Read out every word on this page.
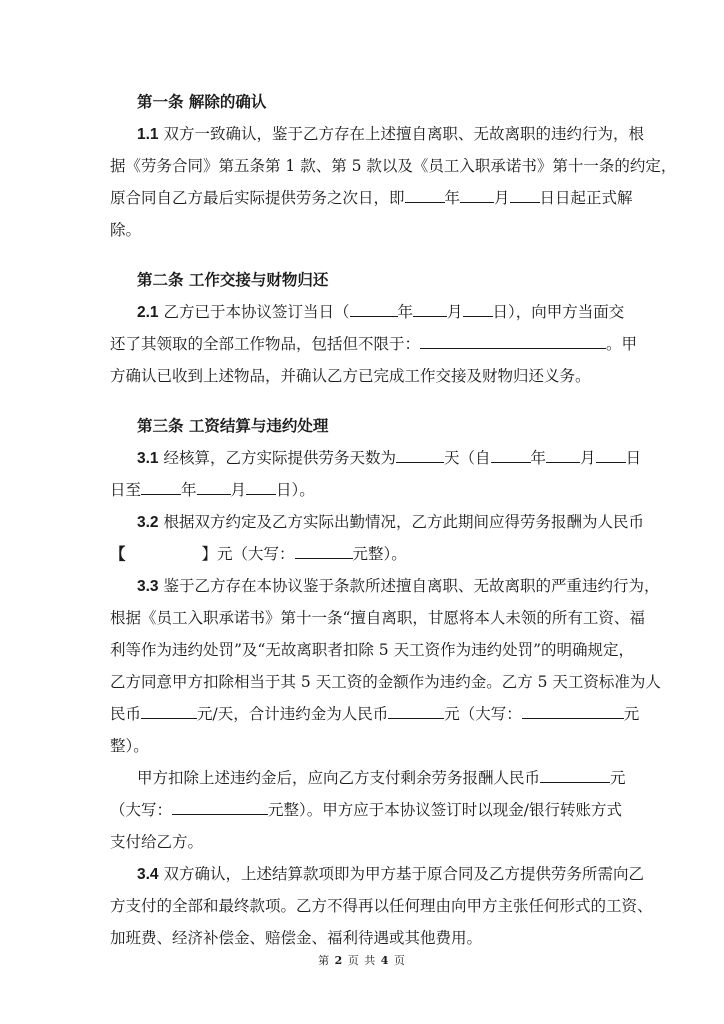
第一条 解除的确认
1.1 双方一致确认，鉴于乙方存在上述擅自离职、无故离职的违约行为，根
据《劳务合同》第五条第 1 款、第 5 款以及《员工入职承诺书》第十一条的约定，
原合同自乙方最后实际提供劳务之次日，即	年 月 日日起正式解
除。
第二条 工作交接与财物归还
2.1 乙方已于本协议签订当日（	年 月 日），向甲方当面交
还了其领取的全部工作物品，包括但不限于：	。甲
方确认已收到上述物品，并确认乙方已完成工作交接及财物归还义务。
第三条 工资结算与违约处理
3.1 经核算，乙方实际提供劳务天数为	天（自	年 月 日
日至	年 月 日）。
3.2 根据双方约定及乙方实际出勤情况，乙方此期间应得劳务报酬为人民币
【	】元（大写：	元整）。
3.3 鉴于乙方存在本协议鉴于条款所述擅自离职、无故离职的严重违约行为，
根据《员工入职承诺书》第十一条“擅自离职，甘愿将本人未领的所有工资、福
利等作为违约处罚”及“无故离职者扣除 5 天工资作为违约处罚”的明确规定，
乙方同意甲方扣除相当于其 5 天工资的金额作为违约金。乙方 5 天工资标准为人
民币	元/天，合计违约金为人民币	元（大写：	元
整）。
甲方扣除上述违约金后，应向乙方支付剩余劳务报酬人民币	元
（大写：	元整）。甲方应于本协议签订时以现金/银行转账方式
支付给乙方。
3.4 双方确认，上述结算款项即为甲方基于原合同及乙方提供劳务所需向乙
方支付的全部和最终款项。乙方不得再以任何理由向甲方主张任何形式的工资、
加班费、经济补偿金、赔偿金、福利待遇或其他费用。
第 2 页 共 4 页
